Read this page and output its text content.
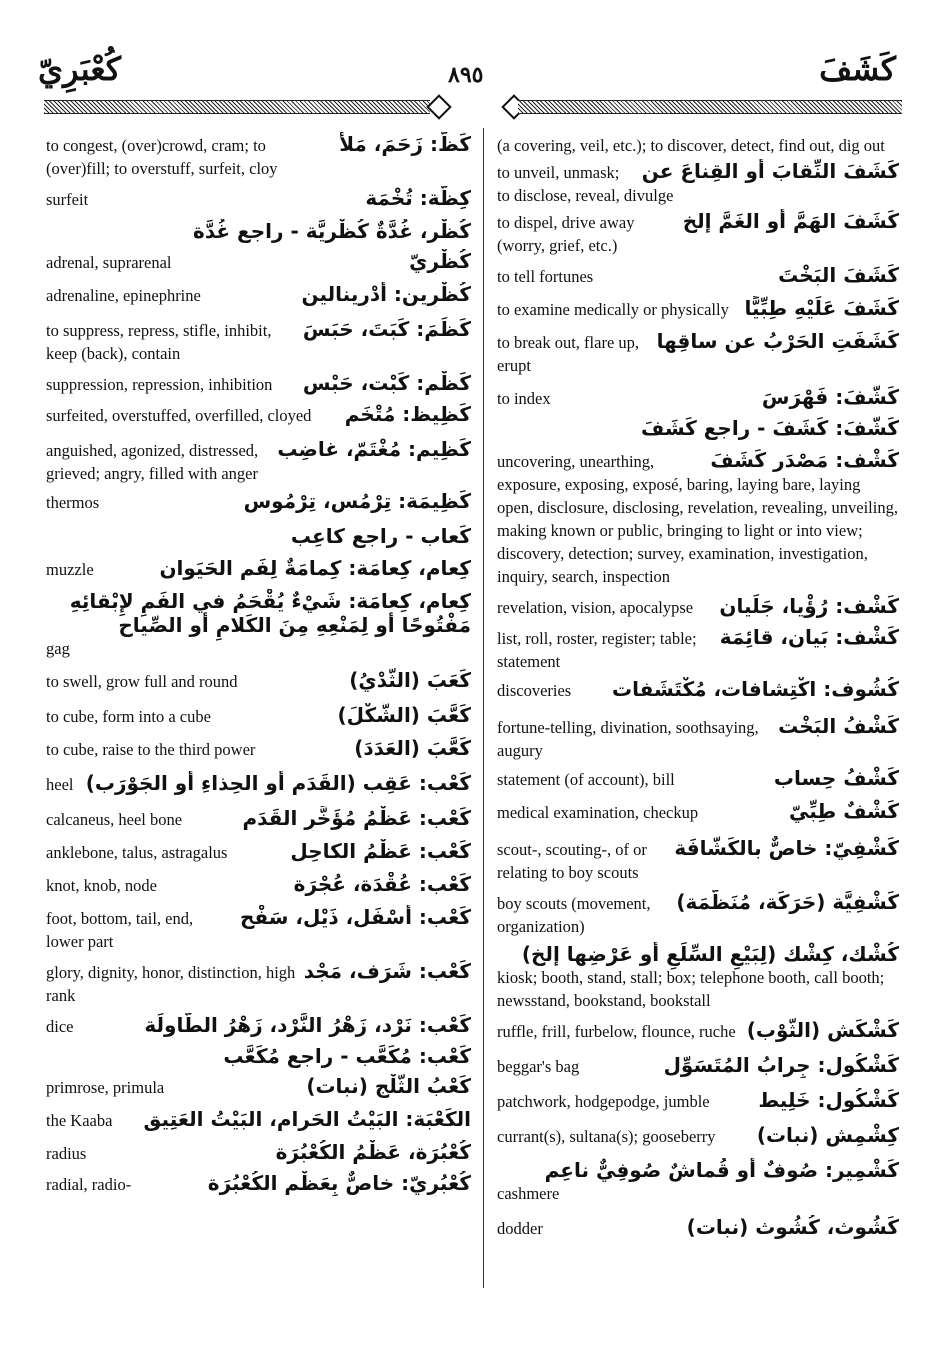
كُعْبَرِيّ	٨٩٥	كَشَفَ
كَظَّ: زَحَمَ، مَلأَ
to congest, (over)crowd, cram; to (over)fill; to overstuff, surfeit, cloy
كِظَّة: تُخْمَة
surfeit
كُظْر، غُدَّةٌ كُظْرِيَّة - راجع غُدَّة
كُظْرِيّ
adrenal, suprarenal
كُظْرِين: أَدْرِينالين
adrenaline, epinephrine
كَظَمَ: كَبَتَ، حَبَسَ
to suppress, repress, stifle, inhibit, keep (back), contain
كَظْم: كَبْت، حَبْس
suppression, repression, inhibition
كَظِيظ: مُتْخَم
surfeited, overstuffed, overfilled, cloyed
كَظِيم: مُغْتَمّ، غاضِب
anguished, agonized, distressed, grieved; angry, filled with anger
كَظِيمَة: تِرْمُس، تِرْمُوس
thermos
كَعاب - راجع كاعِب
كِعام، كِعامَة: كِمامَةٌ لِفَمِ الحَيَوان
muzzle
كِعام، كِعامَة: شَيْءٌ يُقْحَمُ في الفَمِ لإِبْقائِهِ مَفْتُوحًا أو لِمَنْعِهِ مِنَ الكَلامِ أو الصِّياح
gag
كَعَبَ (الثَّدْيُ)
to swell, grow full and round
كَعَّبَ (الشَّكْلَ)
to cube, form into a cube
كَعَّبَ (العَدَدَ)
to cube, raise to the third power
كَعْب: عَقِب (القَدَمِ أو الحِذاءِ أو الجَوْرَب)
heel
كَعْب: عَظْمُ مُؤَخَّرِ القَدَم
calcaneus, heel bone
كَعْب: عَظْمُ الكاحِل
anklebone, talus, astragalus
كَعْب: عُقْدَة، عُجْرَة
knot, knob, node
كَعْب: أَسْفَل، ذَيْل، سَفْح
foot, bottom, tail, end, lower part
كَعْب: شَرَف، مَجْد
glory, dignity, honor, distinction, high rank
كَعْب: نَرْد، زَهْرُ النَّرْد، زَهْرُ الطّاوِلَة
dice
كَعْب: مُكَعَّب - راجع مُكَعَّب
كَعْبُ الثَّلْج (نبات)
primrose, primula
الكَعْبَة: البَيْتُ الحَرام، البَيْتُ العَتِيق
the Kaaba
كُعْبُرَة، عَظْمُ الكُعْبُرَة
radius
كُعْبُرِيّ: خاصٌّ بِعَظْمِ الكُعْبُرَة
radial, radio-
(a covering, veil, etc.); to discover, detect, find out, dig out
كَشَفَ النِّقابَ أو القِناعَ عن
to unveil, unmask; to disclose, reveal, divulge
كَشَفَ الهَمَّ أو الغَمَّ إلخ
to dispel, drive away (worry, grief, etc.)
كَشَفَ البَخْتَ
to tell fortunes
كَشَفَ عَلَيْهِ طِبِّيًّا
to examine medically or physically
كَشَفَتِ الحَرْبُ عن ساقِها
to break out, flare up, erupt
كَشَّفَ: فَهْرَسَ
to index
كَشَّفَ: كَشَفَ - راجع كَشَفَ
كَشْف: مَصْدَر كَشَفَ
uncovering, unearthing, exposure, exposing, exposé, baring, laying bare, laying open, disclosure, disclosing, revelation, revealing, unveiling, making known or public, bringing to light or into view; discovery, detection; survey, examination, investigation, inquiry, search, inspection
كَشْف: رُؤْيا، جَلَيان
revelation, vision, apocalypse
كَشْف: بَيان، قائِمَة
list, roll, roster, register; table; statement
كُشُوف: اكْتِشافات، مُكْتَشَفات
discoveries
كَشْفُ البَخْت
fortune-telling, divination, soothsaying, augury
كَشْفُ حِساب
statement (of account), bill
كَشْفٌ طِبِّيّ
medical examination, checkup
كَشْفِيّ: خاصٌّ بالكَشّافَة
scout-, scouting-, of or relating to boy scouts
كَشْفِيَّة (حَرَكَة، مُنَظَّمَة)
boy scouts (movement, organization)
كُشْك، كِشْك (لِبَيْعِ السِّلَعِ أو عَرْضِها إلخ)
kiosk; booth, stand, stall; box; telephone booth, call booth; newsstand, bookstand, bookstall
كَشْكَش (الثَّوْب)
ruffle, frill, furbelow, flounce, ruche
كَشْكُول: جِرابُ المُتَسَوِّل
beggar's bag
كَشْكُول: خَلِيط
patchwork, hodgepodge, jumble
كِشْمِش (نبات)
currant(s), sultana(s); gooseberry
كَشْمِير: صُوفٌ أو قُماشٌ صُوفِيٌّ ناعِم
cashmere
كَشُوث، كُشُوث (نبات)
dodder
